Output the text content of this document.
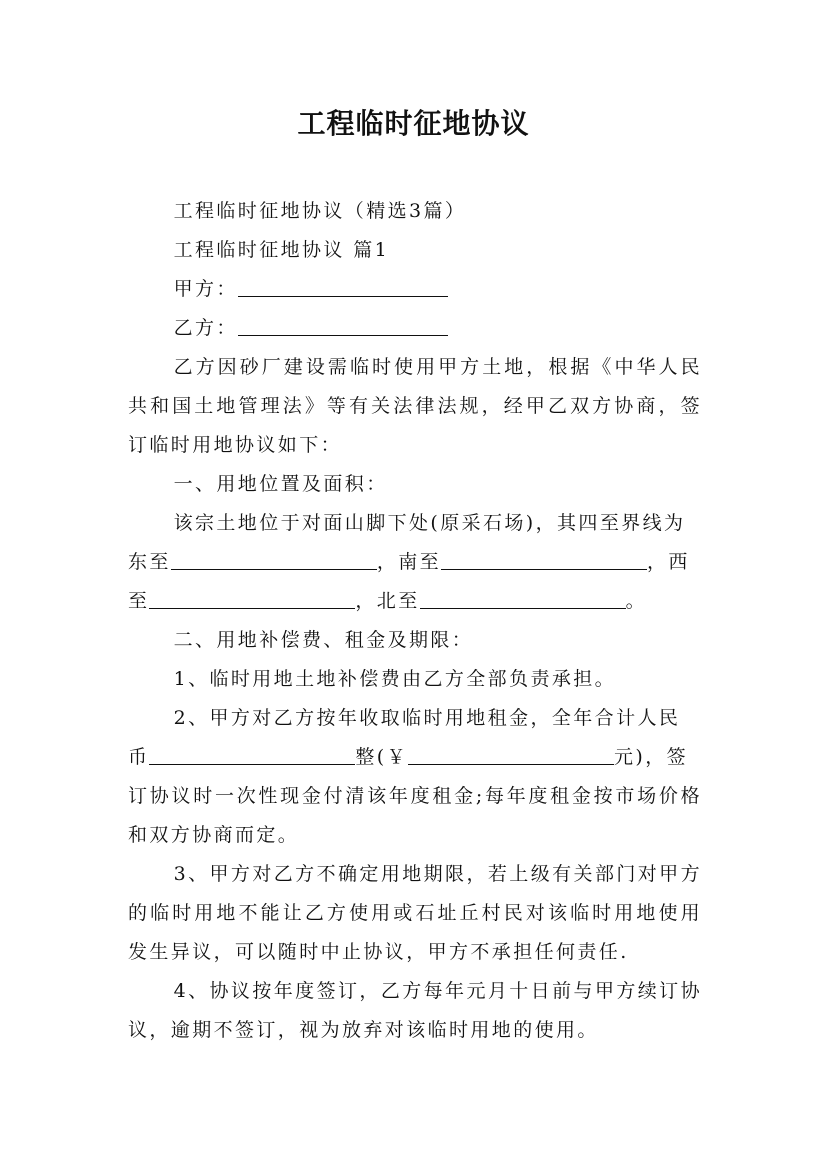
工程临时征地协议

工程临时征地协议（精选3篇）

工程临时征地协议 篇1

甲方：

乙方：

乙方因砂厂建设需临时使用甲方土地，根据《中华人民共和国土地管理法》等有关法律法规，经甲乙双方协商，签订临时用地协议如下：

一、用地位置及面积：

该宗土地位于对面山脚下处(原采石场)，其四至界线为

东至	，南至	，西

至	，北至	。

二、用地补偿费、租金及期限：

1、临时用地土地补偿费由乙方全部负责承担。

2、甲方对乙方按年收取临时用地租金，全年合计人民

币	整(￥	元)，签

订协议时一次性现金付清该年度租金;每年度租金按市场价格和双方协商而定。

3、甲方对乙方不确定用地期限，若上级有关部门对甲方的临时用地不能让乙方使用或石址丘村民对该临时用地使用发生异议，可以随时中止协议，甲方不承担任何责任.

4、协议按年度签订，乙方每年元月十日前与甲方续订协议，逾期不签订，视为放弃对该临时用地的使用。
